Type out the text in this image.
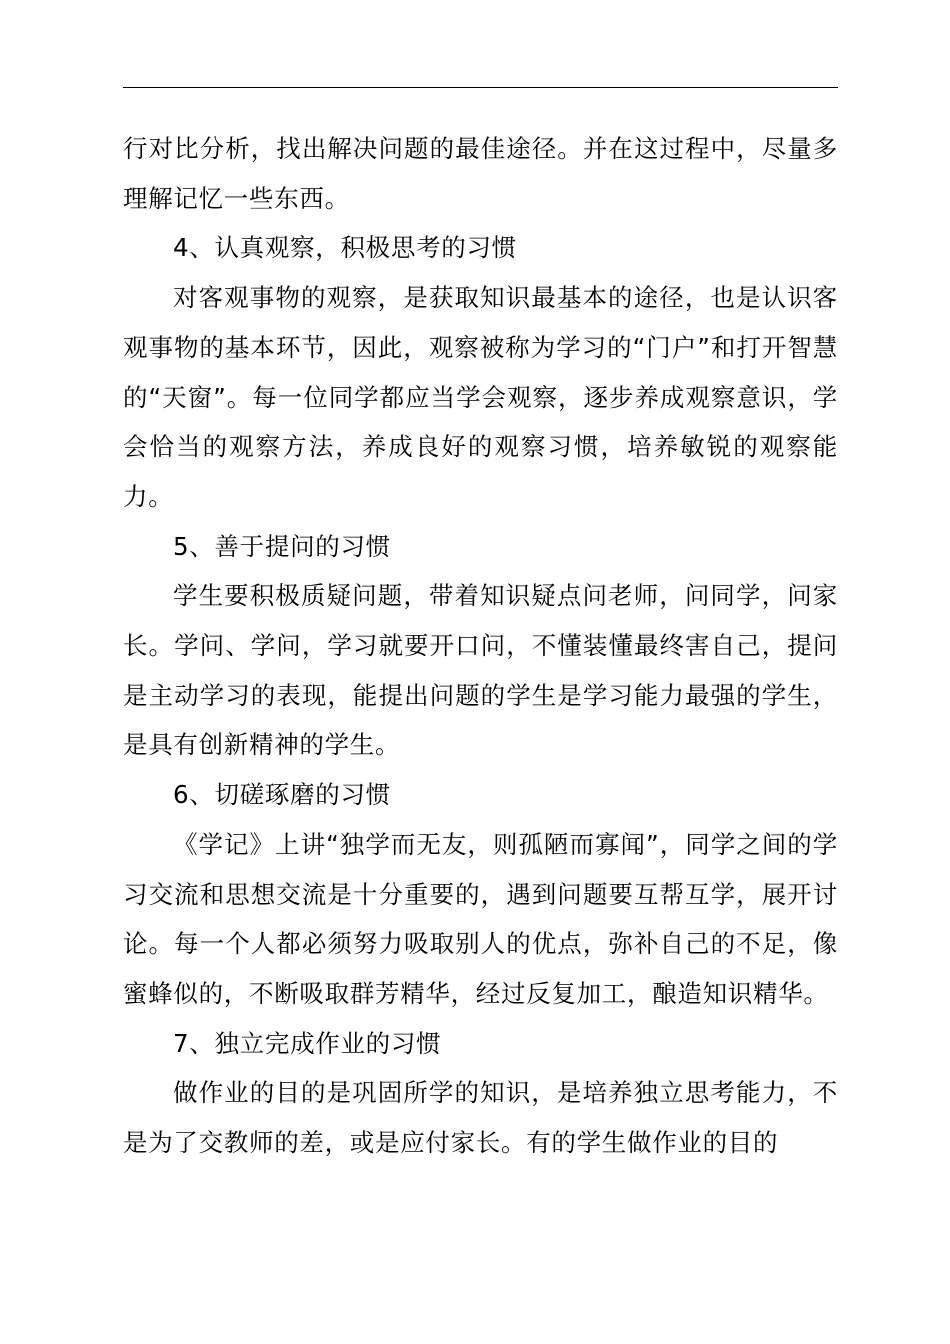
行对比分析，找出解决问题的最佳途径。并在这过程中，尽量多理解记忆一些东西。

4、认真观察，积极思考的习惯

对客观事物的观察，是获取知识最基本的途径，也是认识客观事物的基本环节，因此，观察被称为学习的“门户”和打开智慧的“天窗”。每一位同学都应当学会观察，逐步养成观察意识，学会恰当的观察方法，养成良好的观察习惯，培养敏锐的观察能力。

5、善于提问的习惯

学生要积极质疑问题，带着知识疑点问老师，问同学，问家长。学问、学问，学习就要开口问，不懂装懂最终害自己，提问是主动学习的表现，能提出问题的学生是学习能力最强的学生，是具有创新精神的学生。

6、切磋琢磨的习惯

《学记》上讲“独学而无友，则孤陋而寡闻”，同学之间的学习交流和思想交流是十分重要的，遇到问题要互帮互学，展开讨论。每一个人都必须努力吸取别人的优点，弥补自己的不足，像蜜蜂似的，不断吸取群芳精华，经过反复加工，酿造知识精华。

7、独立完成作业的习惯

做作业的目的是巩固所学的知识，是培养独立思考能力，不是为了交教师的差，或是应付家长。有的学生做作业的目的
